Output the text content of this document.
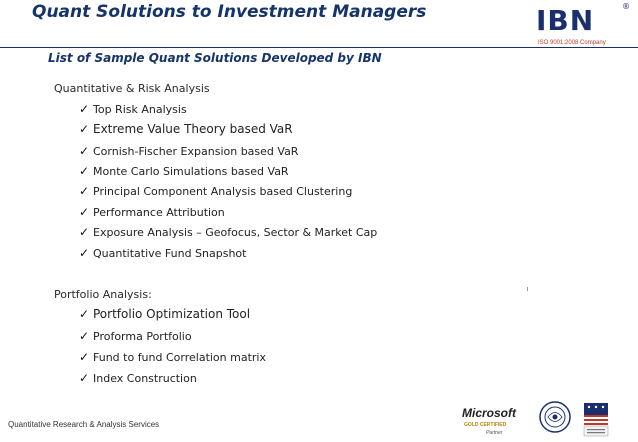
Quant Solutions to Investment Managers	IBN	®
ISO 9001:2008 Company
List of Sample Quant Solutions Developed by IBN
Quantitative & Risk Analysis
✓ Top Risk Analysis
✓ Extreme Value Theory based VaR
✓ Cornish-Fischer Expansion based VaR
✓ Monte Carlo Simulations based VaR
✓ Principal Component Analysis based Clustering
✓ Performance Attribution
✓ Exposure Analysis – Geofocus, Sector & Market Cap
✓ Quantitative Fund Snapshot
Portfolio Analysis:
✓ Portfolio Optimization Tool
✓ Proforma Portfolio
✓ Fund to fund Correlation matrix
✓ Index Construction
Quantitative Research & Analysis Services
Microsoft
GOLD CERTIFIED
Partner
